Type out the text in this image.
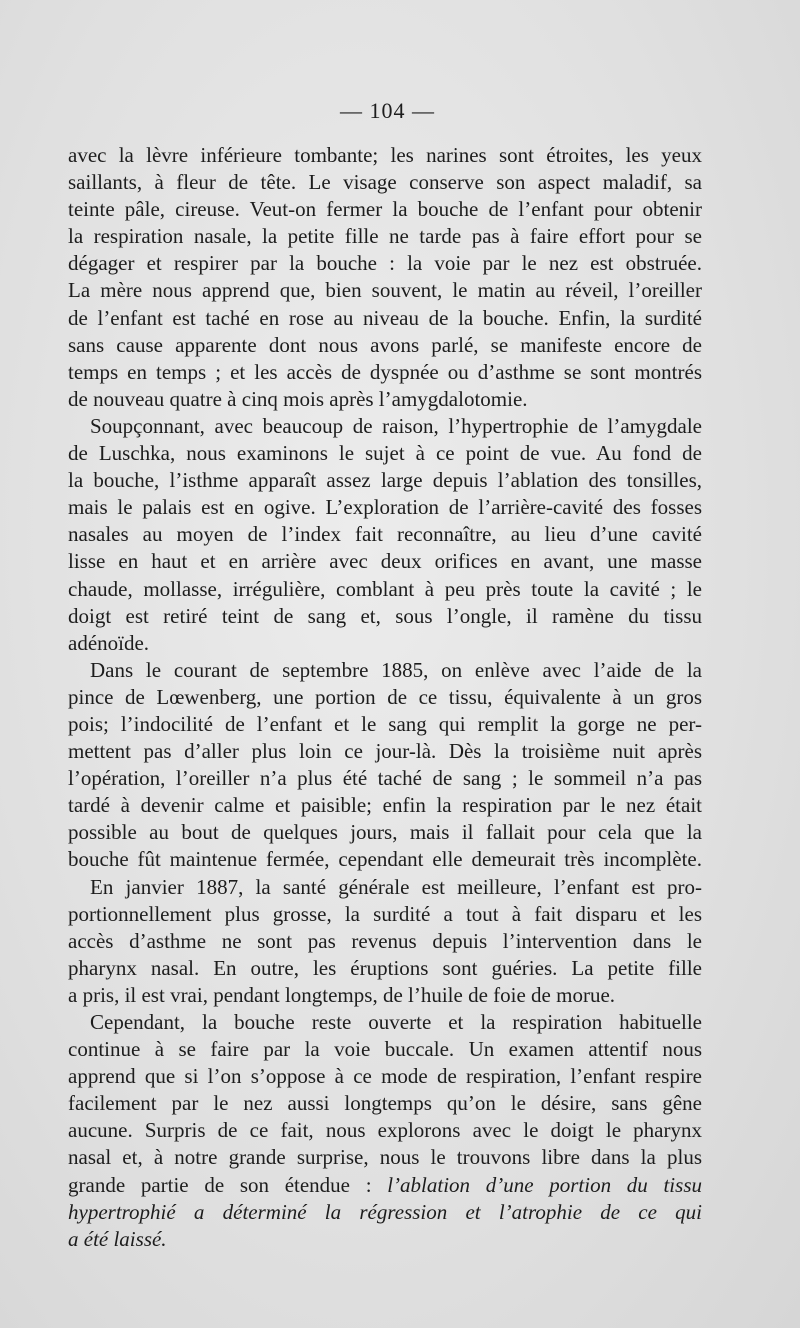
— 104 —
avec la lèvre inférieure tombante; les narines sont étroites, les yeux
saillants, à fleur de tête. Le visage conserve son aspect maladif, sa
teinte pâle, cireuse. Veut-on fermer la bouche de l’enfant pour obtenir
la respiration nasale, la petite fille ne tarde pas à faire effort pour se
dégager et respirer par la bouche : la voie par le nez est obstruée.
La mère nous apprend que, bien souvent, le matin au réveil, l’oreiller
de l’enfant est taché en rose au niveau de la bouche. Enfin, la surdité
sans cause apparente dont nous avons parlé, se manifeste encore de
temps en temps ; et les accès de dyspnée ou d’asthme se sont montrés
de nouveau quatre à cinq mois après l’amygdalotomie.
Soupçonnant, avec beaucoup de raison, l’hypertrophie de l’amygdale
de Luschka, nous examinons le sujet à ce point de vue. Au fond de
la bouche, l’isthme apparaît assez large depuis l’ablation des tonsilles,
mais le palais est en ogive. L’exploration de l’arrière-cavité des fosses
nasales au moyen de l’index fait reconnaître, au lieu d’une cavité
lisse en haut et en arrière avec deux orifices en avant, une masse
chaude, mollasse, irrégulière, comblant à peu près toute la cavité ; le
doigt est retiré teint de sang et, sous l’ongle, il ramène du tissu
adénoïde.
Dans le courant de septembre 1885, on enlève avec l’aide de la
pince de Lœwenberg, une portion de ce tissu, équivalente à un gros
pois; l’indocilité de l’enfant et le sang qui remplit la gorge ne per-
mettent pas d’aller plus loin ce jour-là. Dès la troisième nuit après
l’opération, l’oreiller n’a plus été taché de sang ; le sommeil n’a pas
tardé à devenir calme et paisible; enfin la respiration par le nez était
possible au bout de quelques jours, mais il fallait pour cela que la
bouche fût maintenue fermée, cependant elle demeurait très incomplète.
En janvier 1887, la santé générale est meilleure, l’enfant est pro-
portionnellement plus grosse, la surdité a tout à fait disparu et les
accès d’asthme ne sont pas revenus depuis l’intervention dans le
pharynx nasal. En outre, les éruptions sont guéries. La petite fille
a pris, il est vrai, pendant longtemps, de l’huile de foie de morue.
Cependant, la bouche reste ouverte et la respiration habituelle
continue à se faire par la voie buccale. Un examen attentif nous
apprend que si l’on s’oppose à ce mode de respiration, l’enfant respire
facilement par le nez aussi longtemps qu’on le désire, sans gêne
aucune. Surpris de ce fait, nous explorons avec le doigt le pharynx
nasal et, à notre grande surprise, nous le trouvons libre dans la plus
grande partie de son étendue : l’ablation d’une portion du tissu
hypertrophié a déterminé la régression et l’atrophie de ce qui
a été laissé.
